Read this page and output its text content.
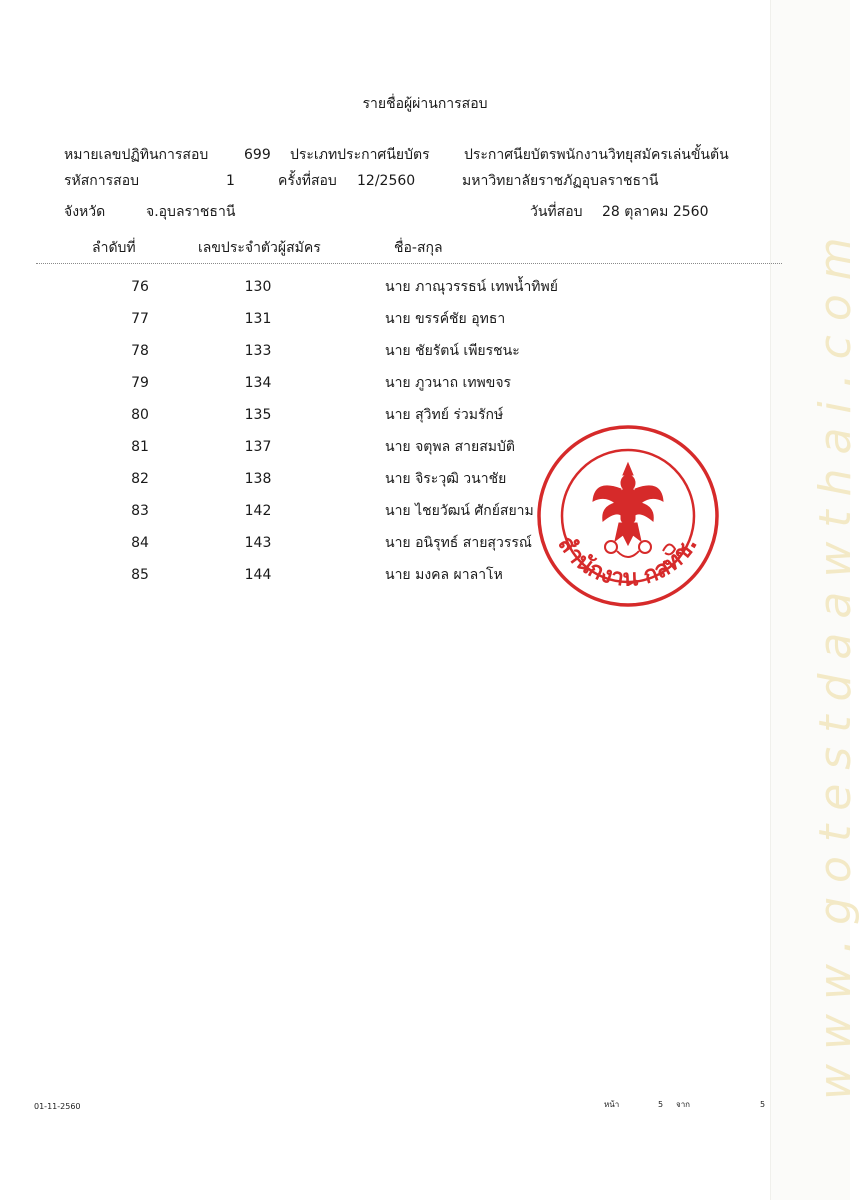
www.gotestdaawthai.com
รายชื่อผู้ผ่านการสอบ
หมายเลขปฏิทินการสอบ	699 ประเภทประกาศนียบัตร ประกาศนียบัตรพนักงานวิทยุสมัครเล่นขั้นต้น
รหัสการสอบ	1	ครั้งที่สอบ 12/2560	มหาวิทยาลัยราชภัฏอุบลราชธานี
จังหวัด	จ.อุบลราชธานี	วันที่สอบ 28 ตุลาคม 2560
ลำดับที่	เลขประจำตัวผู้สมัคร	ชื่อ-สกุล
76	130	นาย ภาณุวรรธน์ เทพน้ำทิพย์
77	131	นาย ขรรค์ชัย อุทธา
78	133	นาย ชัยรัตน์ เพียรชนะ
79	134	นาย ภูวนาถ เทพขจร
80	135	นาย สุวิทย์ ร่วมรักษ์
81	137	นาย จตุพล สายสมบัติ
82	138	นาย จิระวุฒิ วนาชัย
83	142	นาย ไชยวัฒน์ ศักย์สยาม
84	143	นาย อนิรุทธ์ สายสุวรรณ์
85	144	นาย มงคล ผาลาโห
สำนักงาน กสทช.
01-11-2560	หน้า	5 จาก	5
